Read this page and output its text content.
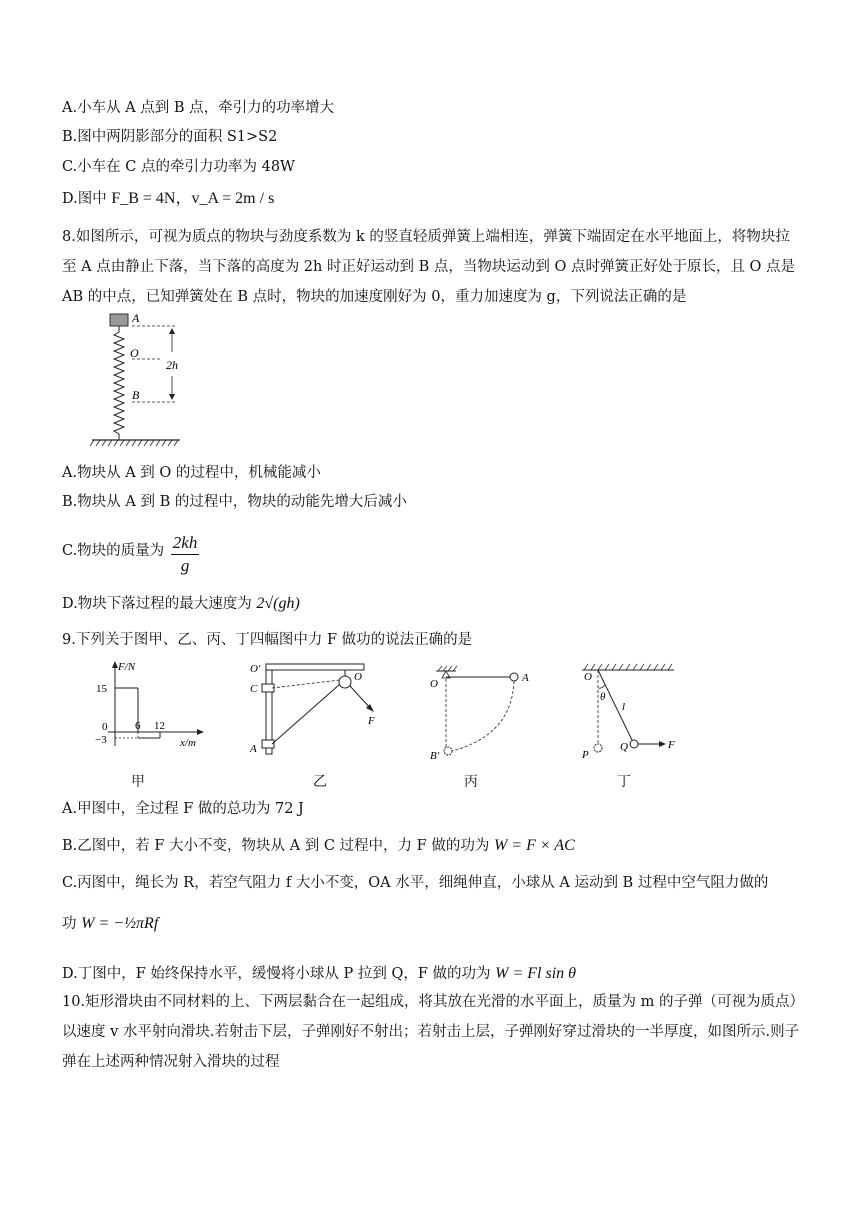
A.小车从 A 点到 B 点，牵引力的功率增大
B.图中两阴影部分的面积 S1>S2
C.小车在 C 点的牵引力功率为 48W
D.图中 F_B = 4N，v_A = 2m / s
8.如图所示，可视为质点的物块与劲度系数为 k 的竖直轻质弹簧上端相连，弹簧下端固定在水平地面上，将物块拉至 A 点由静止下落，当下落的高度为 2h 时正好运动到 B 点，当物块运动到 O 点时弹簧正好处于原长，且 O 点是 AB 的中点，已知弹簧处在 B 点时，物块的加速度刚好为 0，重力加速度为 g，下列说法正确的是
A
O
B
2h
A.物块从 A 到 O 的过程中，机械能减小
B.物块从 A 到 B 的过程中，物块的动能先增大后减小
C.物块的质量为 $\frac{2kh}{g}$
D.物块下落过程的最大速度为 2√(gh)
9.下列关于图甲、乙、丙、丁四幅图中力 F 做功的说法正确的是
F/N
x/m
15
0
−3
6 12
O′
C
A
O
F
O	A
B′
O
θ
l
P
Q	F
甲	乙	丙	丁
A.甲图中，全过程 F 做的总功为 72 J
B.乙图中，若 F 大小不变，物块从 A 到 C 过程中，力 F 做的功为 W = F × AC
C.丙图中，绳长为 R，若空气阻力 f 大小不变，OA 水平，细绳伸直，小球从 A 运动到 B 过程中空气阻力做的
功 W = −½πRf
D.丁图中，F 始终保持水平，缓慢将小球从 P 拉到 Q，F 做的功为 W = Fl sin θ
10.矩形滑块由不同材料的上、下两层黏合在一起组成，将其放在光滑的水平面上，质量为 m 的子弹（可视为质点）以速度 v 水平射向滑块.若射击下层，子弹刚好不射出；若射击上层，子弹刚好穿过滑块的一半厚度，如图所示.则子弹在上述两种情况射入滑块的过程
